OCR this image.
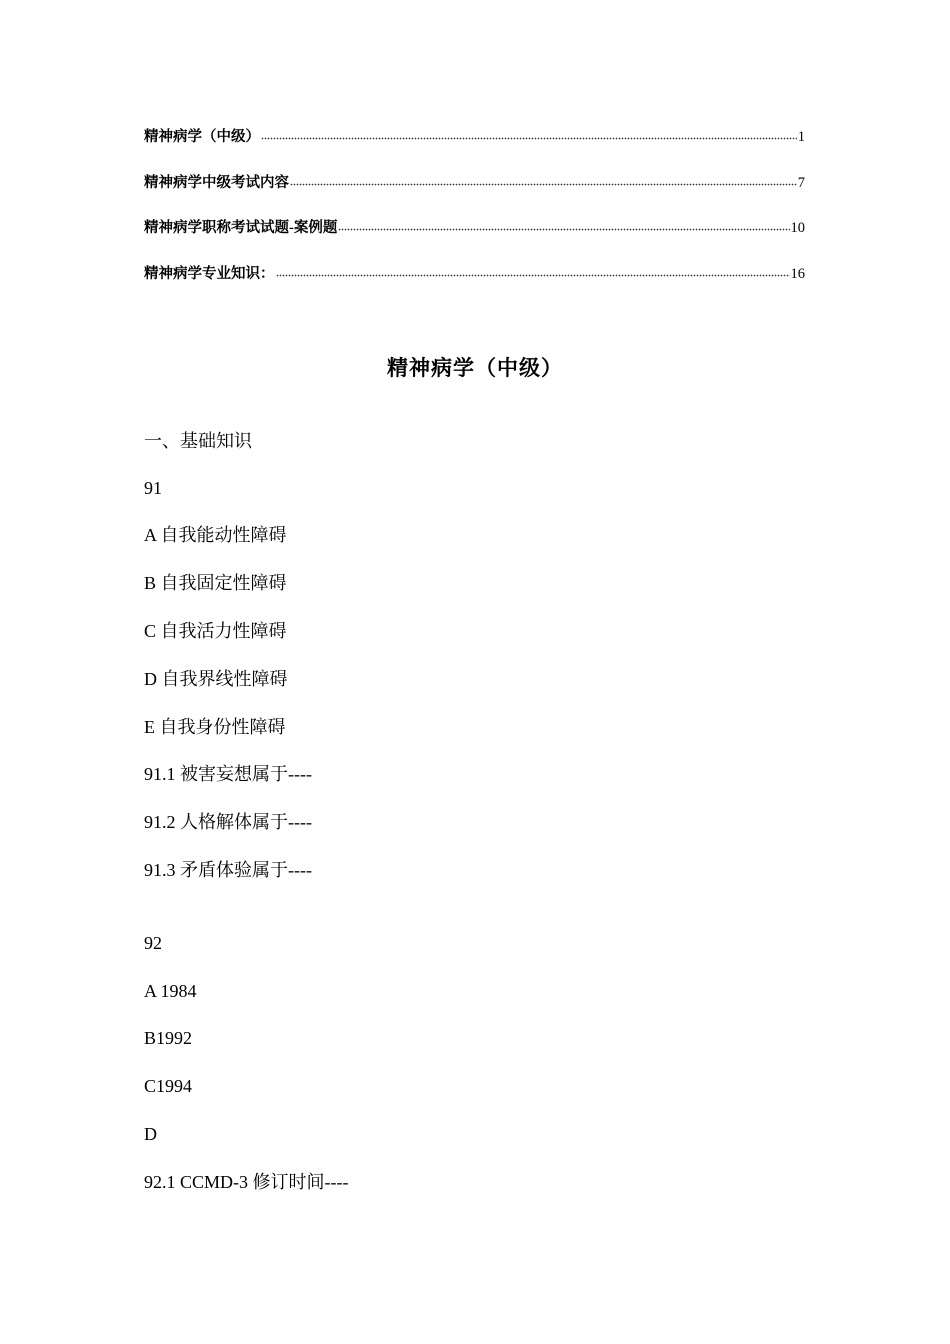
精神病学（中级）	1
精神病学中级考试内容	7
精神病学职称考试试题-案例题	10
精神病学专业知识：	16
精神病学（中级）
一、基础知识
91
A 自我能动性障碍
B 自我固定性障碍
C 自我活力性障碍
D 自我界线性障碍
E 自我身份性障碍
91.1 被害妄想属于----
91.2 人格解体属于----
91.3 矛盾体验属于----
92
A 1984
B1992
C1994
D
92.1 CCMD-3 修订时间----
